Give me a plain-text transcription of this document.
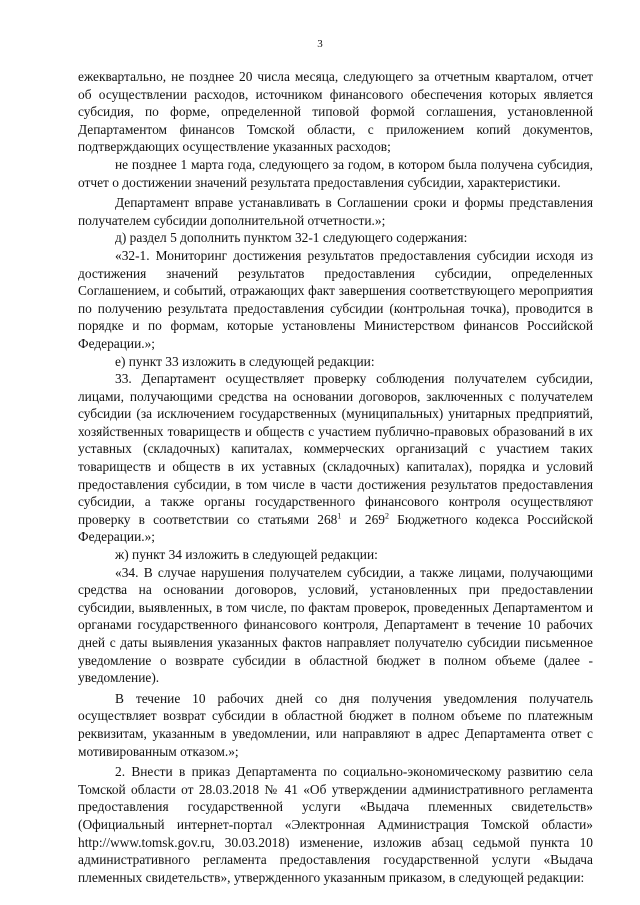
3

ежеквартально, не позднее 20 числа месяца, следующего за отчетным кварталом, отчет об осуществлении расходов, источником финансового обеспечения которых является субсидия, по форме, определенной типовой формой соглашения, установленной Департаментом финансов Томской области, с приложением копий документов, подтверждающих осуществление указанных расходов;

не позднее 1 марта года, следующего за годом, в котором была получена субсидия, отчет о достижении значений результата предоставления субсидии, характеристики.

Департамент вправе устанавливать в Соглашении сроки и формы представления получателем субсидии дополнительной отчетности.»;

д) раздел 5 дополнить пунктом 32-1 следующего содержания:

«32-1. Мониторинг достижения результатов предоставления субсидии исходя из достижения значений результатов предоставления субсидии, определенных Соглашением, и событий, отражающих факт завершения соответствующего мероприятия по получению результата предоставления субсидии (контрольная точка), проводится в порядке и по формам, которые установлены Министерством финансов Российской Федерации.»;

е) пункт 33 изложить в следующей редакции:

33. Департамент осуществляет проверку соблюдения получателем субсидии, лицами, получающими средства на основании договоров, заключенных с получателем субсидии (за исключением государственных (муниципальных) унитарных предприятий, хозяйственных товариществ и обществ с участием публично-правовых образований в их уставных (складочных) капиталах, коммерческих организаций с участием таких товариществ и обществ в их уставных (складочных) капиталах), порядка и условий предоставления субсидии, в том числе в части достижения результатов предоставления субсидии, а также органы государственного финансового контроля осуществляют проверку в соответствии со статьями $268^1$ и $269^2$ Бюджетного кодекса Российской Федерации.»;

ж) пункт 34 изложить в следующей редакции:

«34. В случае нарушения получателем субсидии, а также лицами, получающими средства на основании договоров, условий, установленных при предоставлении субсидии, выявленных, в том числе, по фактам проверок, проведенных Департаментом и органами государственного финансового контроля, Департамент в течение 10 рабочих дней с даты выявления указанных фактов направляет получателю субсидии письменное уведомление о возврате субсидии в областной бюджет в полном объеме (далее - уведомление).

В течение 10 рабочих дней со дня получения уведомления получатель осуществляет возврат субсидии в областной бюджет в полном объеме по платежным реквизитам, указанным в уведомлении, или направляют в адрес Департамента ответ с мотивированным отказом.»;

2. Внести в приказ Департамента по социально-экономическому развитию села Томской области от 28.03.2018 № 41 «Об утверждении административного регламента предоставления государственной услуги «Выдача племенных свидетельств» (Официальный интернет-портал «Электронная Администрация Томской области» http://www.tomsk.gov.ru, 30.03.2018) изменение, изложив абзац седьмой пункта 10 административного регламента предоставления государственной услуги «Выдача племенных свидетельств», утвержденного указанным приказом, в следующей редакции:
